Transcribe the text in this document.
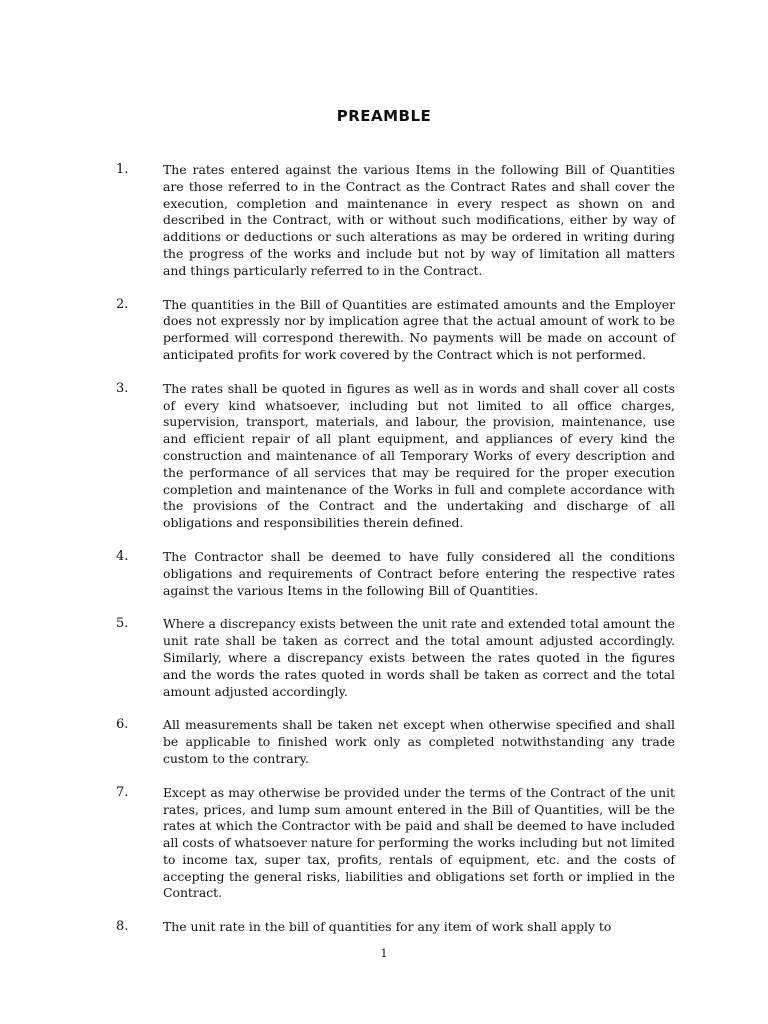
PREAMBLE
1.	The rates entered against the various Items in the following Bill of Quantities are those referred to in the Contract as the Contract Rates and shall cover the execution, completion and maintenance in every respect as shown on and described in the Contract, with or without such modifications, either by way of additions or deductions or such alterations as may be ordered in writing during the progress of the works and include but not by way of limitation all matters and things particularly referred to in the Contract.
2.	The quantities in the Bill of Quantities are estimated amounts and the Employer does not expressly nor by implication agree that the actual amount of work to be performed will correspond therewith. No payments will be made on account of anticipated profits for work covered by the Contract which is not performed.
3.	The rates shall be quoted in figures as well as in words and shall cover all costs of every kind whatsoever, including but not limited to all office charges, supervision, transport, materials, and labour, the provision, maintenance, use and efficient repair of all plant equipment, and appliances of every kind the construction and maintenance of all Temporary Works of every description and the performance of all services that may be required for the proper execution completion and maintenance of the Works in full and complete accordance with the provisions of the Contract and the undertaking and discharge of all obligations and responsibilities therein defined.
4.	The Contractor shall be deemed to have fully considered all the conditions obligations and requirements of Contract before entering the respective rates against the various Items in the following Bill of Quantities.
5.	Where a discrepancy exists between the unit rate and extended total amount the unit rate shall be taken as correct and the total amount adjusted accordingly. Similarly, where a discrepancy exists between the rates quoted in the figures and the words the rates quoted in words shall be taken as correct and the total amount adjusted accordingly.
6.	All measurements shall be taken net except when otherwise specified and shall be applicable to finished work only as completed notwithstanding any trade custom to the contrary.
7.	Except as may otherwise be provided under the terms of the Contract of the unit rates, prices, and lump sum amount entered in the Bill of Quantities, will be the rates at which the Contractor with be paid and shall be deemed to have included all costs of whatsoever nature for performing the works including but not limited to income tax, super tax, profits, rentals of equipment, etc. and the costs of accepting the general risks, liabilities and obligations set forth or implied in the Contract.
8.	The unit rate in the bill of quantities for any item of work shall apply to
1
